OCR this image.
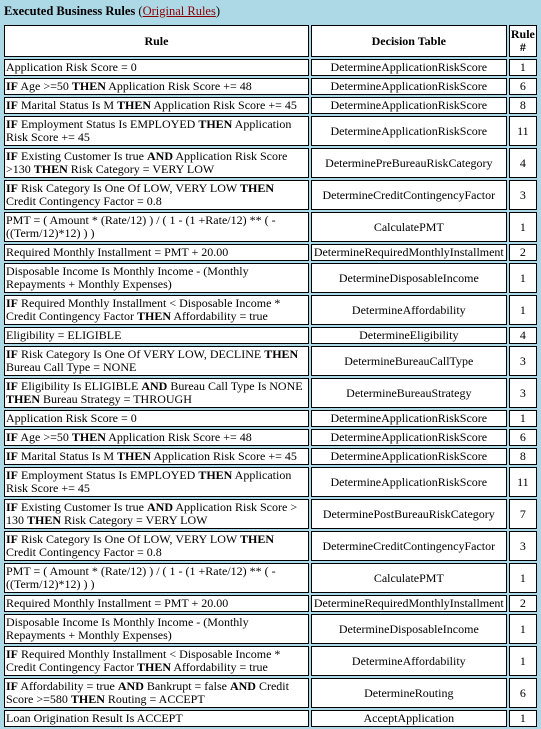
Executed Business Rules (Original Rules)
Rule	Decision Table	Rule #
Application Risk Score = 0	DetermineApplicationRiskScore	1
IF Age >=50 THEN Application Risk Score += 48	DetermineApplicationRiskScore	6
IF Marital Status Is M THEN Application Risk Score += 45	DetermineApplicationRiskScore	8
IF Employment Status Is EMPLOYED THEN Application Risk Score += 45	DetermineApplicationRiskScore	11
IF Existing Customer Is true AND Application Risk Score >130 THEN Risk Category = VERY LOW	DeterminePreBureauRiskCategory	4
IF Risk Category Is One Of LOW, VERY LOW THEN Credit Contingency Factor = 0.8	DetermineCreditContingencyFactor	3
PMT = ( Amount * (Rate/12) ) / ( 1 - (1 +Rate/12) ** ( -((Term/12)*12) ) )	CalculatePMT	1
Required Monthly Installment = PMT + 20.00	DetermineRequiredMonthlyInstallment	2
Disposable Income Is Monthly Income - (Monthly Repayments + Monthly Expenses)	DetermineDisposableIncome	1
IF Required Monthly Installment < Disposable Income * Credit Contingency Factor THEN Affordability = true	DetermineAffordability	1
Eligibility = ELIGIBLE	DetermineEligibility	4
IF Risk Category Is One Of VERY LOW, DECLINE THEN Bureau Call Type = NONE	DetermineBureauCallType	3
IF Eligibility Is ELIGIBLE AND Bureau Call Type Is NONE THEN Bureau Strategy = THROUGH	DetermineBureauStrategy	3
Application Risk Score = 0	DetermineApplicationRiskScore	1
IF Age >=50 THEN Application Risk Score += 48	DetermineApplicationRiskScore	6
IF Marital Status Is M THEN Application Risk Score += 45	DetermineApplicationRiskScore	8
IF Employment Status Is EMPLOYED THEN Application Risk Score += 45	DetermineApplicationRiskScore	11
IF Existing Customer Is true AND Application Risk Score > 130 THEN Risk Category = VERY LOW	DeterminePostBureauRiskCategory	7
IF Risk Category Is One Of LOW, VERY LOW THEN Credit Contingency Factor = 0.8	DetermineCreditContingencyFactor	3
PMT = ( Amount * (Rate/12) ) / ( 1 - (1 +Rate/12) ** ( -((Term/12)*12) ) )	CalculatePMT	1
Required Monthly Installment = PMT + 20.00	DetermineRequiredMonthlyInstallment	2
Disposable Income Is Monthly Income - (Monthly Repayments + Monthly Expenses)	DetermineDisposableIncome	1
IF Required Monthly Installment < Disposable Income * Credit Contingency Factor THEN Affordability = true	DetermineAffordability	1
IF Affordability = true AND Bankrupt = false AND Credit Score >=580 THEN Routing = ACCEPT	DetermineRouting	6
Loan Origination Result Is ACCEPT	AcceptApplication	1
